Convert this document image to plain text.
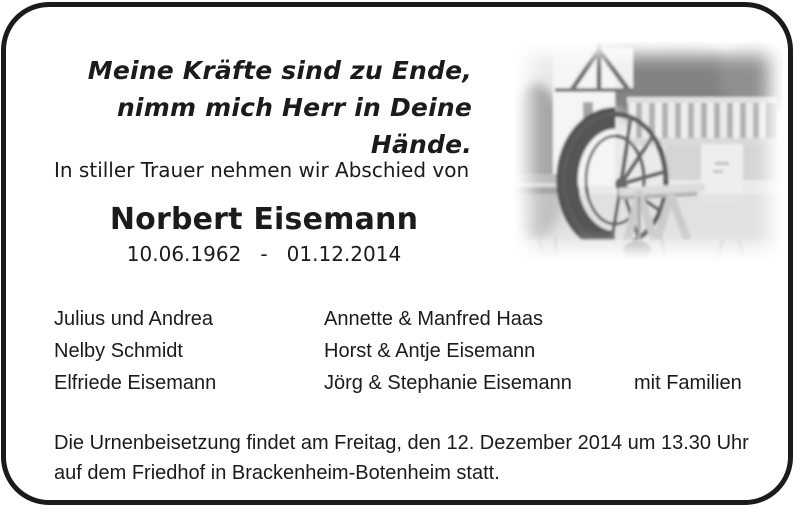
Meine Kräfte sind zu Ende,
nimm mich Herr in Deine Hände.
In stiller Trauer nehmen wir Abschied von
Norbert Eisemann
10.06.1962   -   01.12.2014
Julius und Andrea
Nelby Schmidt
Elfriede Eisemann
Annette & Manfred Haas
Horst & Antje Eisemann
Jörg & Stephanie Eisemann	mit Familien
Die Urnenbeisetzung findet am Freitag, den 12. Dezember 2014 um 13.30 Uhr
auf dem Friedhof in Brackenheim-Botenheim statt.
